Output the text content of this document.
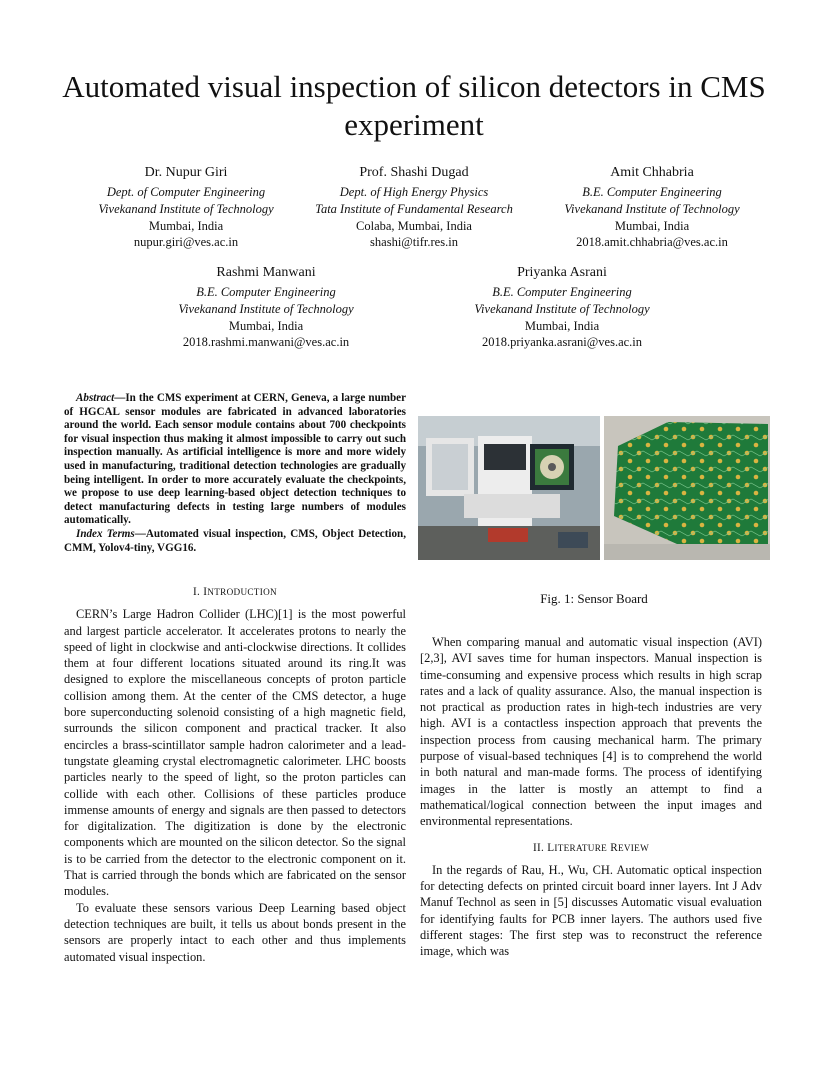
Automated visual inspection of silicon detectors in CMS experiment
Dr. Nupur Giri
Dept. of Computer Engineering
Vivekanand Institute of Technology
Mumbai, India
nupur.giri@ves.ac.in
Prof. Shashi Dugad
Dept. of High Energy Physics
Tata Institute of Fundamental Research
Colaba, Mumbai, India
shashi@tifr.res.in
Amit Chhabria
B.E. Computer Engineering
Vivekanand Institute of Technology
Mumbai, India
2018.amit.chhabria@ves.ac.in
Rashmi Manwani
B.E. Computer Engineering
Vivekanand Institute of Technology
Mumbai, India
2018.rashmi.manwani@ves.ac.in
Priyanka Asrani
B.E. Computer Engineering
Vivekanand Institute of Technology
Mumbai, India
2018.priyanka.asrani@ves.ac.in

Abstract—In the CMS experiment at CERN, Geneva, a large number of HGCAL sensor modules are fabricated in advanced laboratories around the world. Each sensor module contains about 700 checkpoints for visual inspection thus making it almost impossible to carry out such inspection manually. As artificial intelligence is more and more widely used in manufacturing, traditional detection technologies are gradually being intelligent. In order to more accurately evaluate the checkpoints, we propose to use deep learning-based object detection techniques to detect manufacturing defects in testing large numbers of modules automatically.

Index Terms—Automated visual inspection, CMS, Object Detection, CMM, Yolov4-tiny, VGG16.

I. INTRODUCTION

CERN’s Large Hadron Collider (LHC)[1] is the most powerful and largest particle accelerator. It accelerates protons to nearly the speed of light in clockwise and anti-clockwise directions. It collides them at four different locations situated around its ring.It was designed to explore the miscellaneous concepts of proton particle collision among them. At the center of the CMS detector, a huge bore superconducting solenoid consisting of a high magnetic field, surrounds the silicon component and practical tracker. It also encircles a brass-scintillator sample hadron calorimeter and a lead-tungstate gleaming crystal electromagnetic calorimeter. LHC boosts particles nearly to the speed of light, so the proton particles can collide with each other. Collisions of these particles produce immense amounts of energy and signals are then passed to detectors for digitalization. The digitization is done by the electronic components which are mounted on the silicon detector. So the signal is to be carried from the detector to the electronic component on it. That is carried through the bonds which are fabricated on the sensor modules.

To evaluate these sensors various Deep Learning based object detection techniques are built, it tells us about bonds present in the sensors are properly intact to each other and thus implements automated visual inspection.

Fig. 1: Sensor Board

When comparing manual and automatic visual inspection (AVI) [2,3], AVI saves time for human inspectors. Manual inspection is time-consuming and expensive process which results in high scrap rates and a lack of quality assurance. Also, the manual inspection is not practical as production rates in high-tech industries are very high. AVI is a contactless inspection approach that prevents the inspection process from causing mechanical harm. The primary purpose of visual-based techniques [4] is to comprehend the world in both natural and man-made forms. The process of identifying images in the latter is mostly an attempt to find a mathematical/logical connection between the input images and environmental representations.

II. LITERATURE REVIEW

In the regards of Rau, H., Wu, CH. Automatic optical inspection for detecting defects on printed circuit board inner layers. Int J Adv Manuf Technol as seen in [5] discusses Automatic visual evaluation for identifying faults for PCB inner layers. The authors used five different stages: The first step was to reconstruct the reference image, which was
